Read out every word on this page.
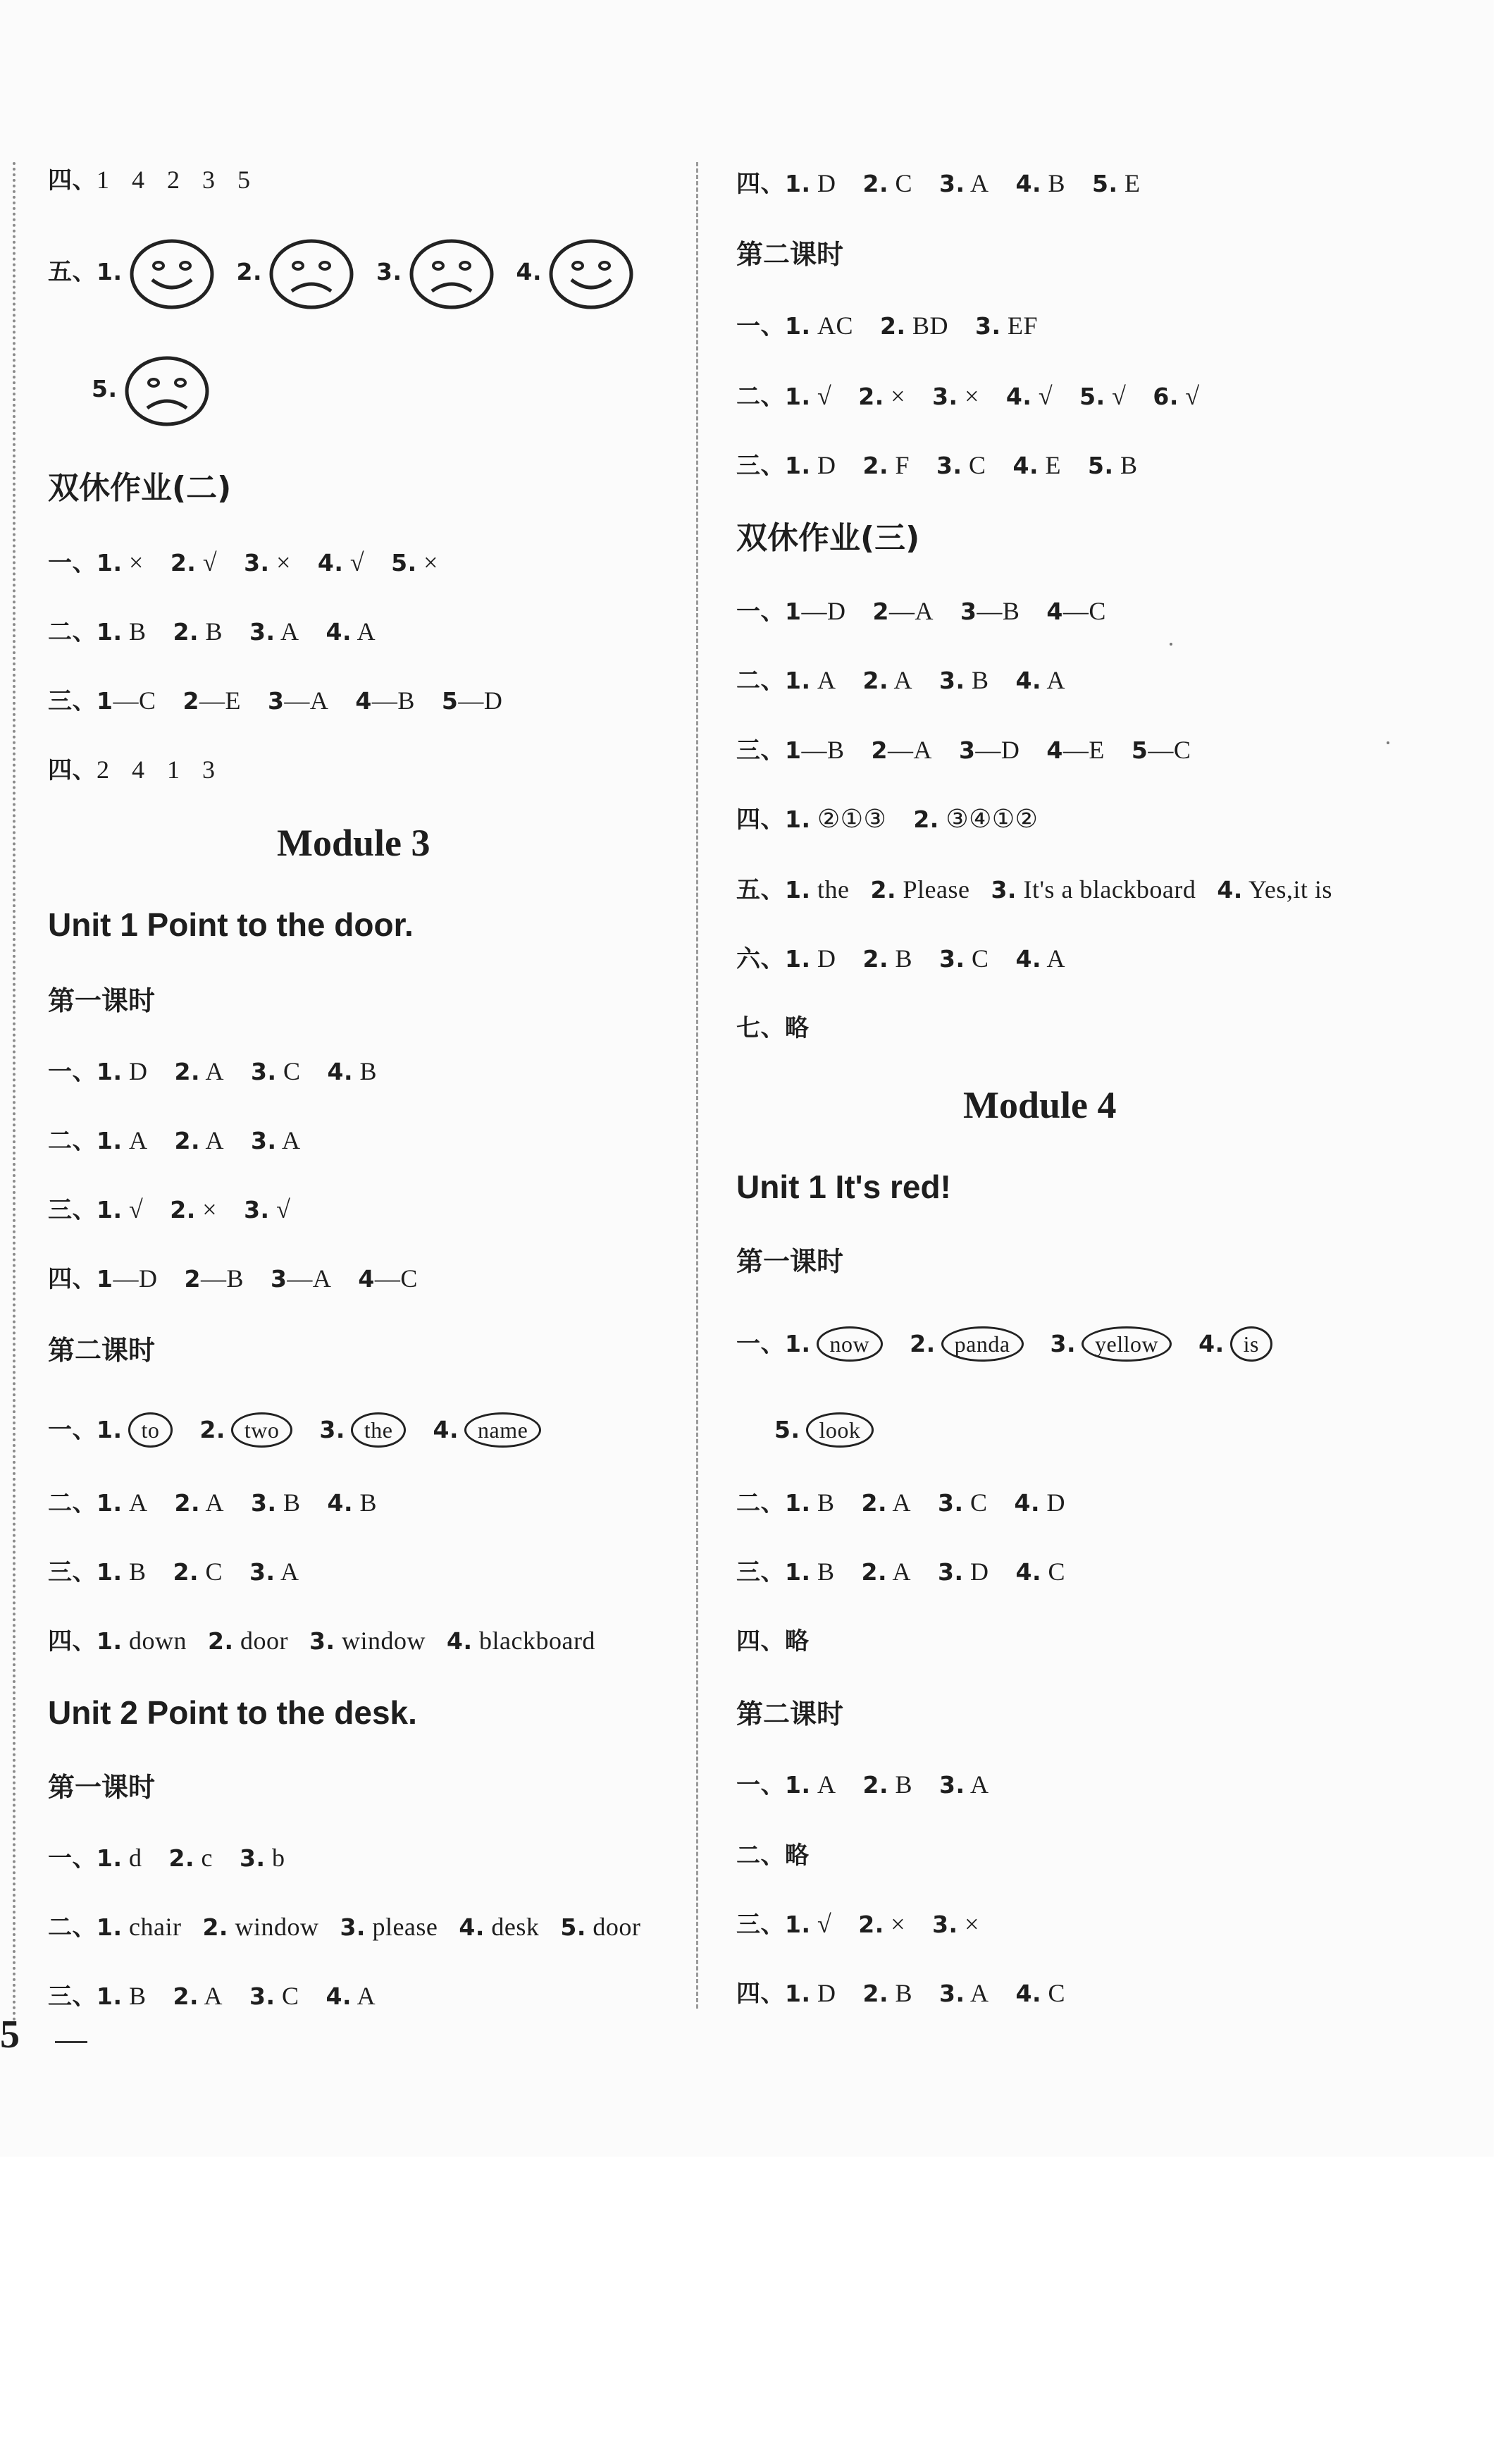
四、1 4 2 3 5
五、1.	2.	3.	4.
5.
双休作业(二)
一、1. × 2. √ 3. × 4. √ 5. ×
二、1. B 2. B 3. A 4. A
三、1—C 2—E 3—A 4—B 5—D
四、2 4 1 3
Module 3
Unit 1 Point to the door.
第一课时
一、1. D 2. A 3. C 4. B
二、1. A 2. A 3. A
三、1. √ 2. × 3. √
四、1—D 2—B 3—A 4—C
第二课时
一、1. to 2. two 3. the 4. name
二、1. A 2. A 3. B 4. B
三、1. B 2. C 3. A
四、1. down 2. door 3. window 4. blackboard
Unit 2 Point to the desk.
第一课时
一、1. d 2. c 3. b
二、1. chair 2. window 3. please 4. desk 5. door
三、1. B 2. A 3. C 4. A
5
四、1. D 2. C 3. A 4. B 5. E
第二课时
一、1. AC 2. BD 3. EF
二、1. √ 2. × 3. × 4. √ 5. √ 6. √
三、1. D 2. F 3. C 4. E 5. B
双休作业(三)
一、1—D 2—A 3—B 4—C
二、1. A 2. A 3. B 4. A
三、1—B 2—A 3—D 4—E 5—C
四、1. ②①③ 2. ③④①②
五、1. the 2. Please 3. It's a blackboard 4. Yes,it is
六、1. D 2. B 3. C 4. A
七、略
Module 4
Unit 1 It's red!
第一课时
一、1. now 2. panda 3. yellow 4. is
5. look
二、1. B 2. A 3. C 4. D
三、1. B 2. A 3. D 4. C
四、略
第二课时
一、1. A 2. B 3. A
二、略
三、1. √ 2. × 3. ×
四、1. D 2. B 3. A 4. C
